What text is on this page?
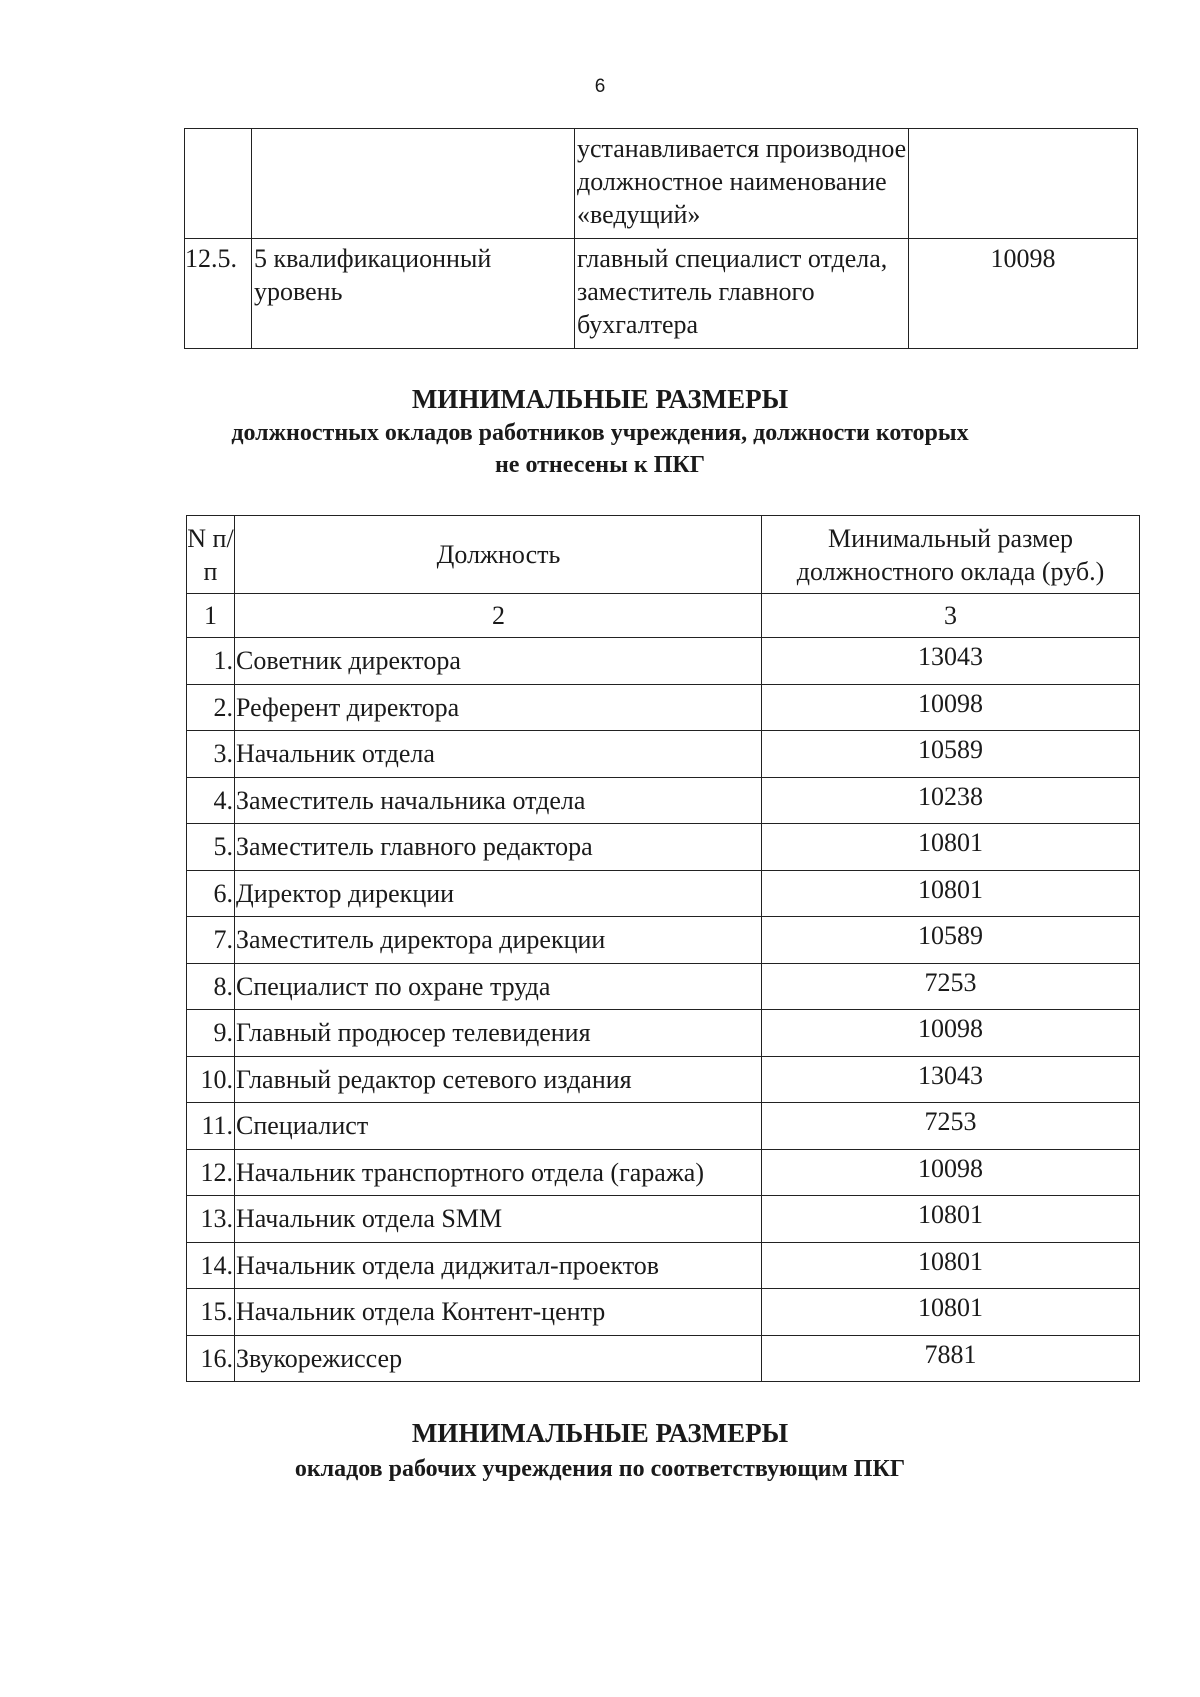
6
		устанавливается производное должностное наименование «ведущий»	
12.5.	5 квалификационный уровень	главный специалист отдела, заместитель главного бухгалтера	10098
МИНИМАЛЬНЫЕ РАЗМЕРЫ
должностных окладов работников учреждения, должности которых
не отнесены к ПКГ
N п/п	Должность	Минимальный размер должностного оклада (руб.)
1	2	3
1.	Советник директора	13043
2.	Референт директора	10098
3.	Начальник отдела	10589
4.	Заместитель начальника отдела	10238
5.	Заместитель главного редактора	10801
6.	Директор дирекции	10801
7.	Заместитель директора дирекции	10589
8.	Специалист по охране труда	7253
9.	Главный продюсер телевидения	10098
10.	Главный редактор сетевого издания	13043
11.	Специалист	7253
12.	Начальник транспортного отдела (гаража)	10098
13.	Начальник отдела SMM	10801
14.	Начальник отдела диджитал-проектов	10801
15.	Начальник отдела Контент-центр	10801
16.	Звукорежиссер	7881
МИНИМАЛЬНЫЕ РАЗМЕРЫ
окладов рабочих учреждения по соответствующим ПКГ
